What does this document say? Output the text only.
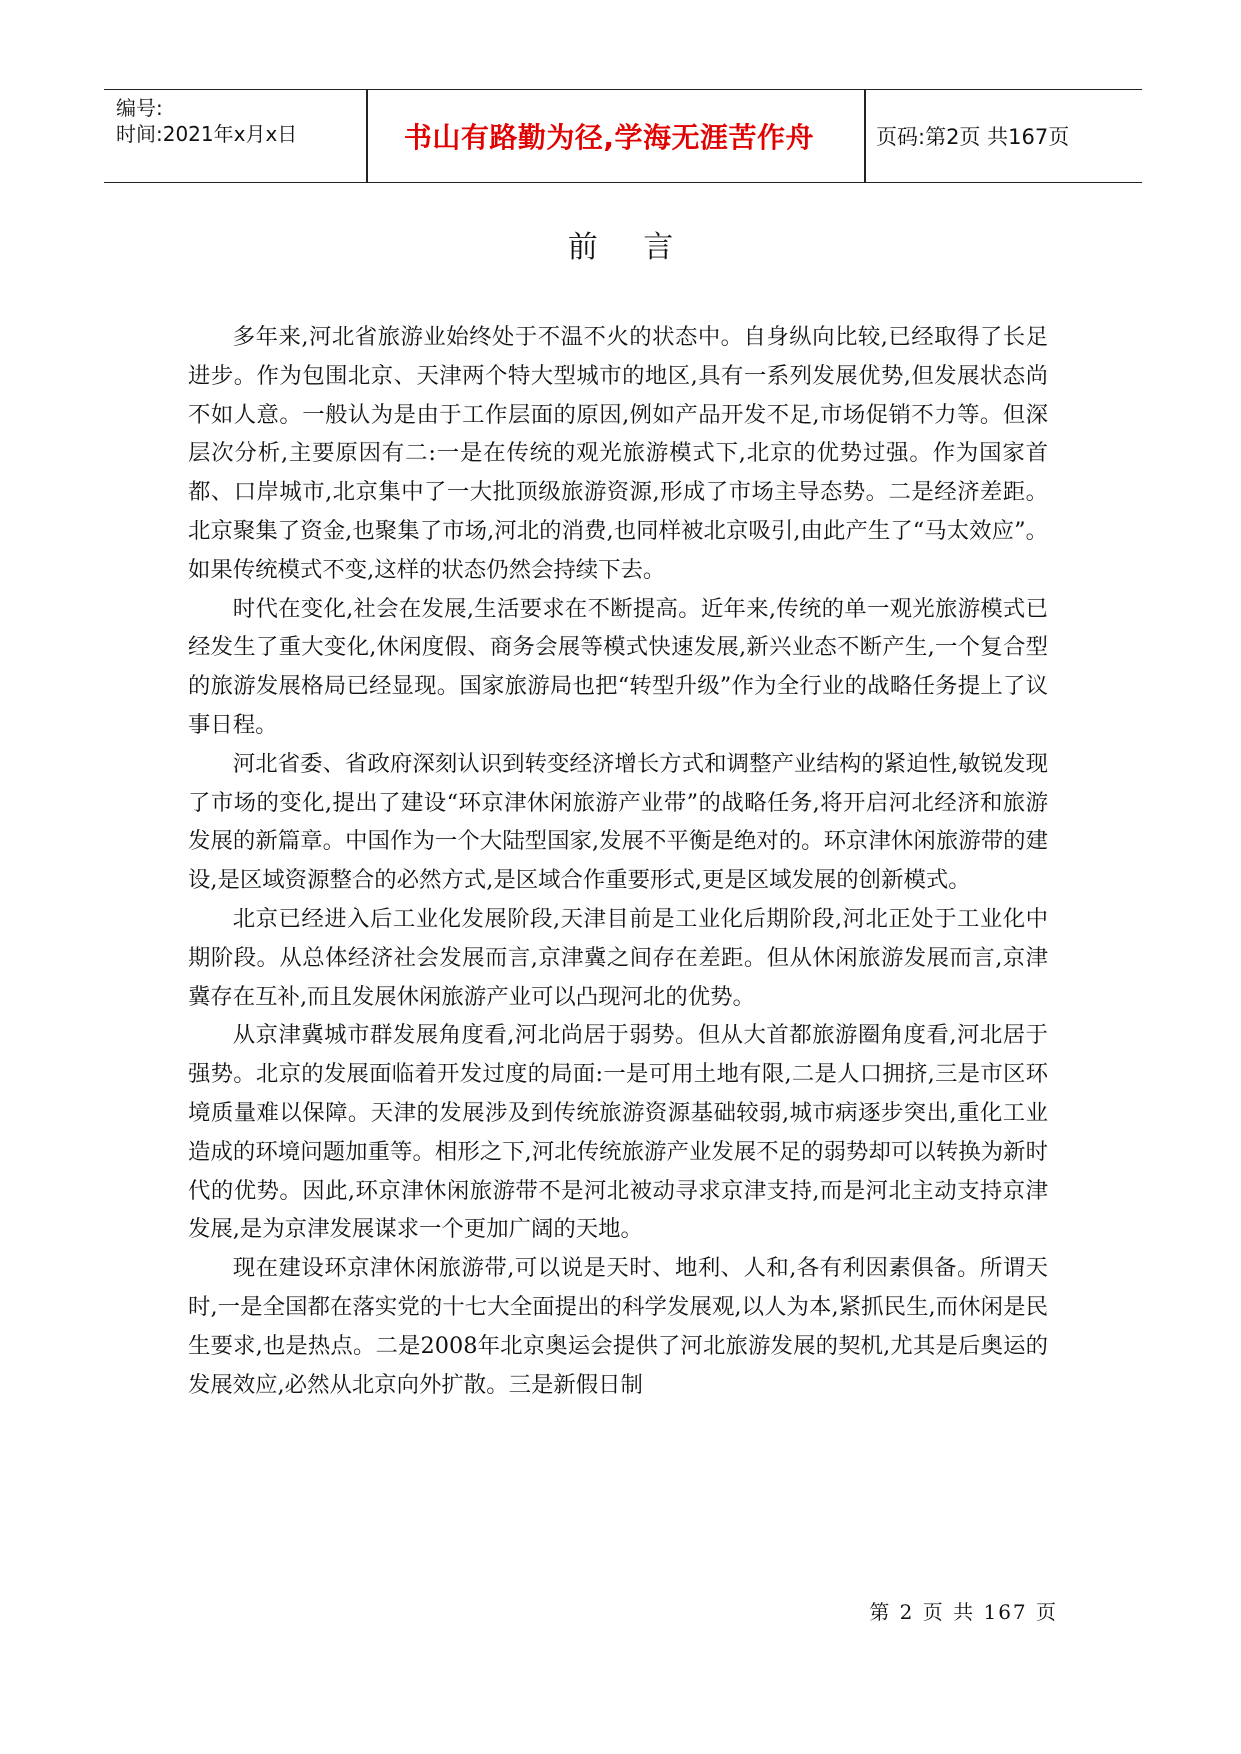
编号:
时间:2021年x月x日	书山有路勤为径,学海无涯苦作舟	页码:第2页 共167页
前 言

多年来,河北省旅游业始终处于不温不火的状态中。自身纵向比较,已经取得了长足进步。作为包围北京、天津两个特大型城市的地区,具有一系列发展优势,但发展状态尚不如人意。一般认为是由于工作层面的原因,例如产品开发不足,市场促销不力等。但深层次分析,主要原因有二:一是在传统的观光旅游模式下,北京的优势过强。作为国家首都、口岸城市,北京集中了一大批顶级旅游资源,形成了市场主导态势。二是经济差距。北京聚集了资金,也聚集了市场,河北的消费,也同样被北京吸引,由此产生了“马太效应”。如果传统模式不变,这样的状态仍然会持续下去。

时代在变化,社会在发展,生活要求在不断提高。近年来,传统的单一观光旅游模式已经发生了重大变化,休闲度假、商务会展等模式快速发展,新兴业态不断产生,一个复合型的旅游发展格局已经显现。国家旅游局也把“转型升级”作为全行业的战略任务提上了议事日程。

河北省委、省政府深刻认识到转变经济增长方式和调整产业结构的紧迫性,敏锐发现了市场的变化,提出了建设“环京津休闲旅游产业带”的战略任务,将开启河北经济和旅游发展的新篇章。中国作为一个大陆型国家,发展不平衡是绝对的。环京津休闲旅游带的建设,是区域资源整合的必然方式,是区域合作重要形式,更是区域发展的创新模式。

北京已经进入后工业化发展阶段,天津目前是工业化后期阶段,河北正处于工业化中期阶段。从总体经济社会发展而言,京津冀之间存在差距。但从休闲旅游发展而言,京津冀存在互补,而且发展休闲旅游产业可以凸现河北的优势。

从京津冀城市群发展角度看,河北尚居于弱势。但从大首都旅游圈角度看,河北居于强势。北京的发展面临着开发过度的局面:一是可用土地有限,二是人口拥挤,三是市区环境质量难以保障。天津的发展涉及到传统旅游资源基础较弱,城市病逐步突出,重化工业造成的环境问题加重等。相形之下,河北传统旅游产业发展不足的弱势却可以转换为新时代的优势。因此,环京津休闲旅游带不是河北被动寻求京津支持,而是河北主动支持京津发展,是为京津发展谋求一个更加广阔的天地。

现在建设环京津休闲旅游带,可以说是天时、地利、人和,各有利因素俱备。所谓天时,一是全国都在落实党的十七大全面提出的科学发展观,以人为本,紧抓民生,而休闲是民生要求,也是热点。二是2008年北京奥运会提供了河北旅游发展的契机,尤其是后奥运的发展效应,必然从北京向外扩散。三是新假日制

第 2 页 共 167 页
